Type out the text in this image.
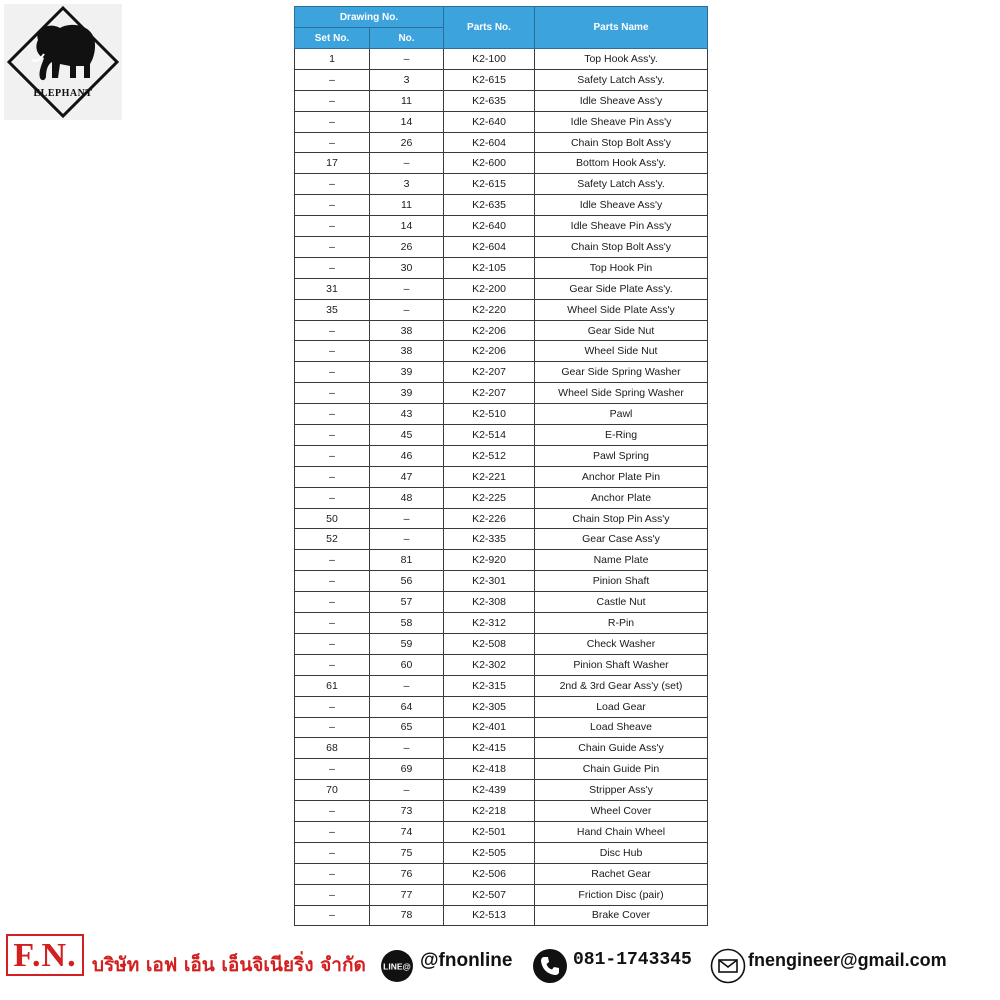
ELEPHANT
Drawing No.		Parts No.	Parts Name
Set No.	No.		
1	–	K2-100	Top Hook Ass'y.
–	3	K2-615	Safety Latch Ass'y.
–	11	K2-635	Idle Sheave Ass'y
–	14	K2-640	Idle Sheave Pin Ass'y
–	26	K2-604	Chain Stop Bolt Ass'y
17	–	K2-600	Bottom Hook Ass'y.
–	3	K2-615	Safety Latch Ass'y.
–	11	K2-635	Idle Sheave Ass'y
–	14	K2-640	Idle Sheave Pin Ass'y
–	26	K2-604	Chain Stop Bolt Ass'y
–	30	K2-105	Top Hook Pin
31	–	K2-200	Gear Side Plate Ass'y.
35	–	K2-220	Wheel Side Plate Ass'y
–	38	K2-206	Gear Side Nut
–	38	K2-206	Wheel Side Nut
–	39	K2-207	Gear Side Spring Washer
–	39	K2-207	Wheel Side Spring Washer
–	43	K2-510	Pawl
–	45	K2-514	E-Ring
–	46	K2-512	Pawl Spring
–	47	K2-221	Anchor Plate Pin
–	48	K2-225	Anchor Plate
50	–	K2-226	Chain Stop Pin Ass'y
52	–	K2-335	Gear Case Ass'y
–	81	K2-920	Name Plate
–	56	K2-301	Pinion Shaft
–	57	K2-308	Castle Nut
–	58	K2-312	R-Pin
–	59	K2-508	Check Washer
–	60	K2-302	Pinion Shaft Washer
61	–	K2-315	2nd & 3rd Gear Ass'y (set)
–	64	K2-305	Load Gear
–	65	K2-401	Load Sheave
68	–	K2-415	Chain Guide Ass'y
–	69	K2-418	Chain Guide Pin
70	–	K2-439	Stripper Ass'y
–	73	K2-218	Wheel Cover
–	74	K2-501	Hand Chain Wheel
–	75	K2-505	Disc Hub
–	76	K2-506	Rachet Gear
–	77	K2-507	Friction Disc (pair)
–	78	K2-513	Brake Cover
F.N. บริษัท เอฟ เอ็น เอ็นจิเนียริ่ง จำกัด LINE@ @fnonline	081-1743345	fnengineer@gmail.com
